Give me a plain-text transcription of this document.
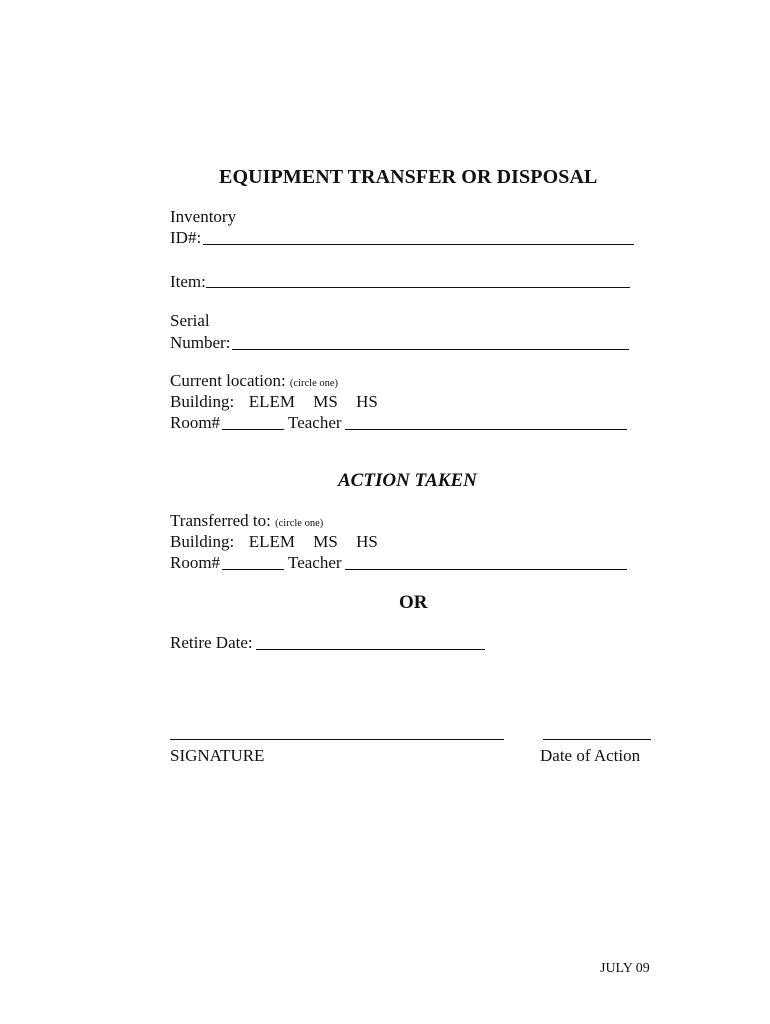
EQUIPMENT TRANSFER OR DISPOSAL
Inventory
ID#:
Item:
Serial
Number:
Current location: (circle one)
Building: ELEM MS HS
Room#	Teacher
ACTION TAKEN
Transferred to: (circle one)
Building: ELEM MS HS
Room#	Teacher
OR
Retire Date:
SIGNATURE	Date of Action
JULY 09
